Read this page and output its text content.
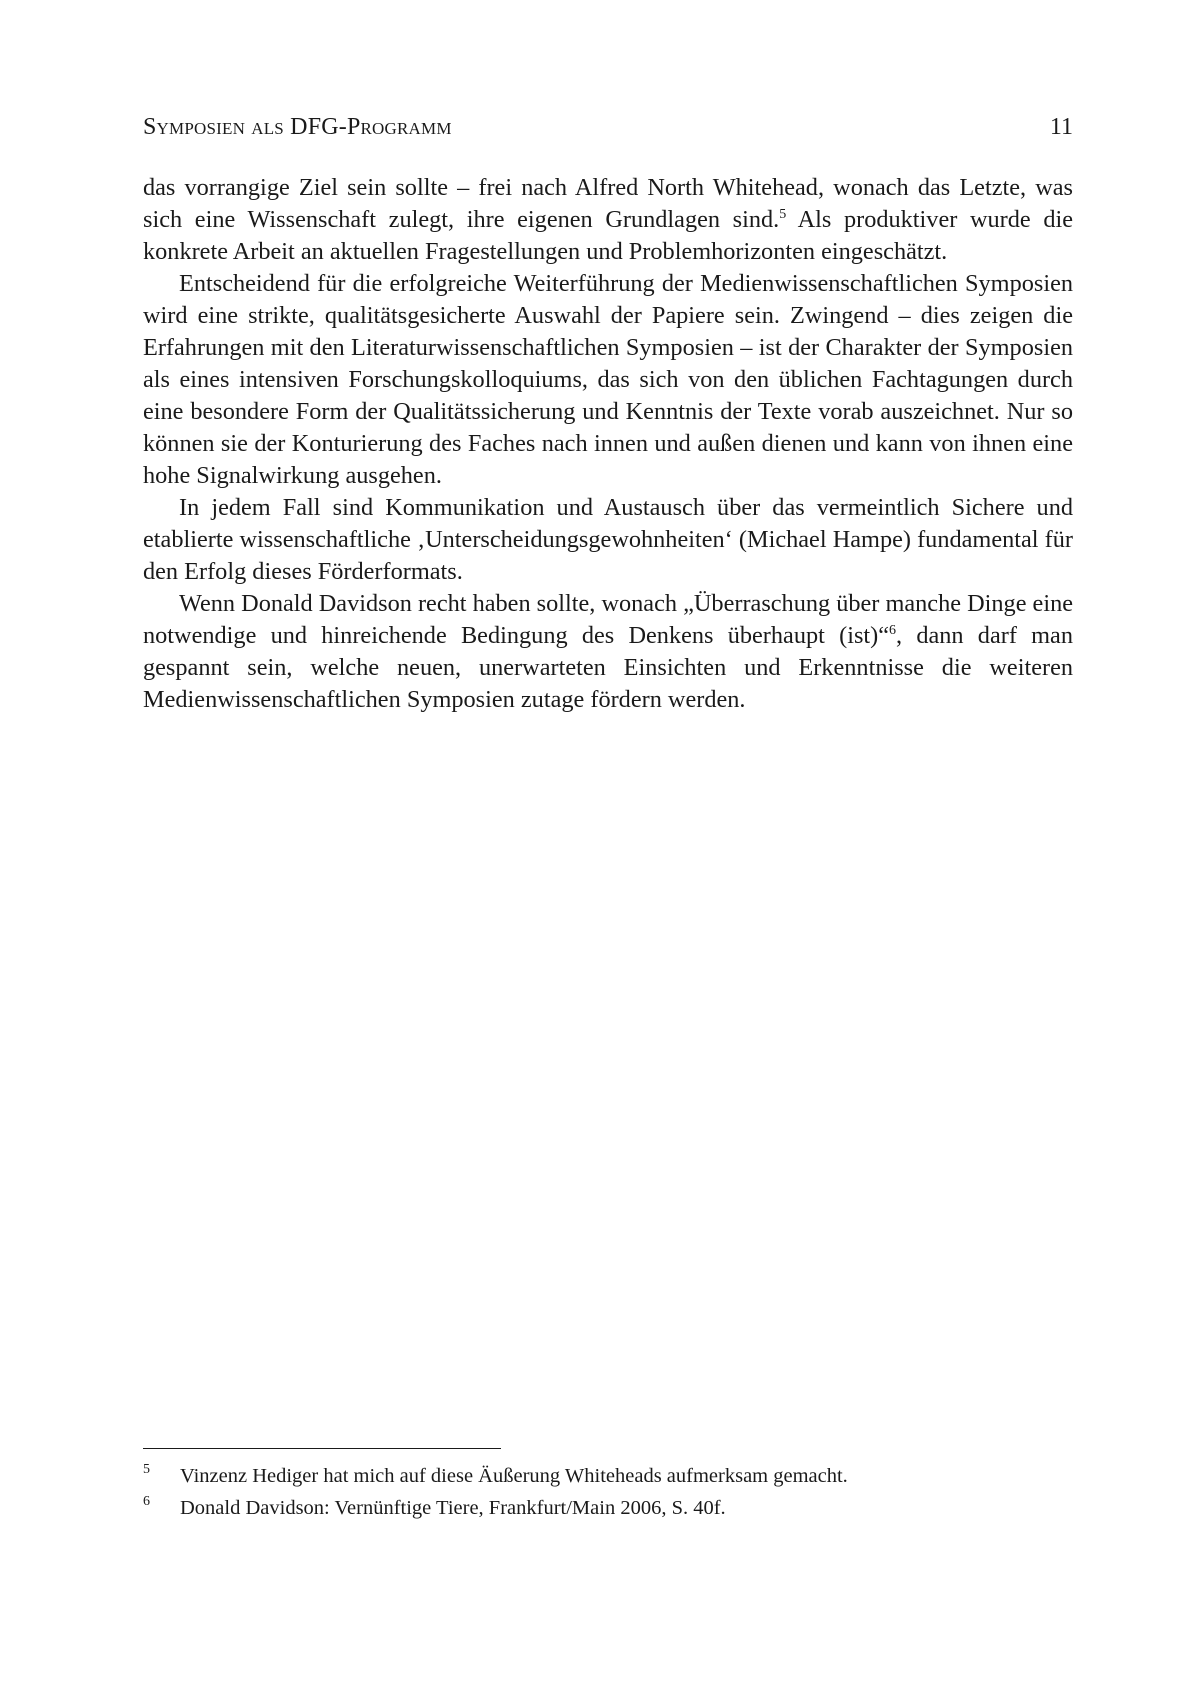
Symposien als DFG-Programm	11

das vorrangige Ziel sein sollte – frei nach Alfred North Whitehead, wonach das Letzte, was sich eine Wissenschaft zulegt, ihre eigenen Grundlagen sind.$^5$ Als produktiver wurde die konkrete Arbeit an aktuellen Fragestellungen und Problemhorizonten eingeschätzt.

Entscheidend für die erfolgreiche Weiterführung der Medienwissenschaftlichen Symposien wird eine strikte, qualitätsgesicherte Auswahl der Papiere sein. Zwingend – dies zeigen die Erfahrungen mit den Literaturwissenschaftlichen Symposien – ist der Charakter der Symposien als eines intensiven Forschungskolloquiums, das sich von den üblichen Fachtagungen durch eine besondere Form der Qualitätssicherung und Kenntnis der Texte vorab auszeichnet. Nur so können sie der Konturierung des Faches nach innen und außen dienen und kann von ihnen eine hohe Signalwirkung ausgehen.

In jedem Fall sind Kommunikation und Austausch über das vermeintlich Sichere und etablierte wissenschaftliche ‚Unterscheidungsgewohnheiten‘ (Michael Hampe) fundamental für den Erfolg dieses Förderformats.

Wenn Donald Davidson recht haben sollte, wonach „Überraschung über manche Dinge eine notwendige und hinreichende Bedingung des Denkens überhaupt (ist)“$^6$, dann darf man gespannt sein, welche neuen, unerwarteten Einsichten und Erkenntnisse die weiteren Medienwissenschaftlichen Symposien zutage fördern werden.

5 Vinzenz Hediger hat mich auf diese Äußerung Whiteheads aufmerksam gemacht.
6 Donald Davidson: Vernünftige Tiere, Frankfurt/Main 2006, S. 40f.
